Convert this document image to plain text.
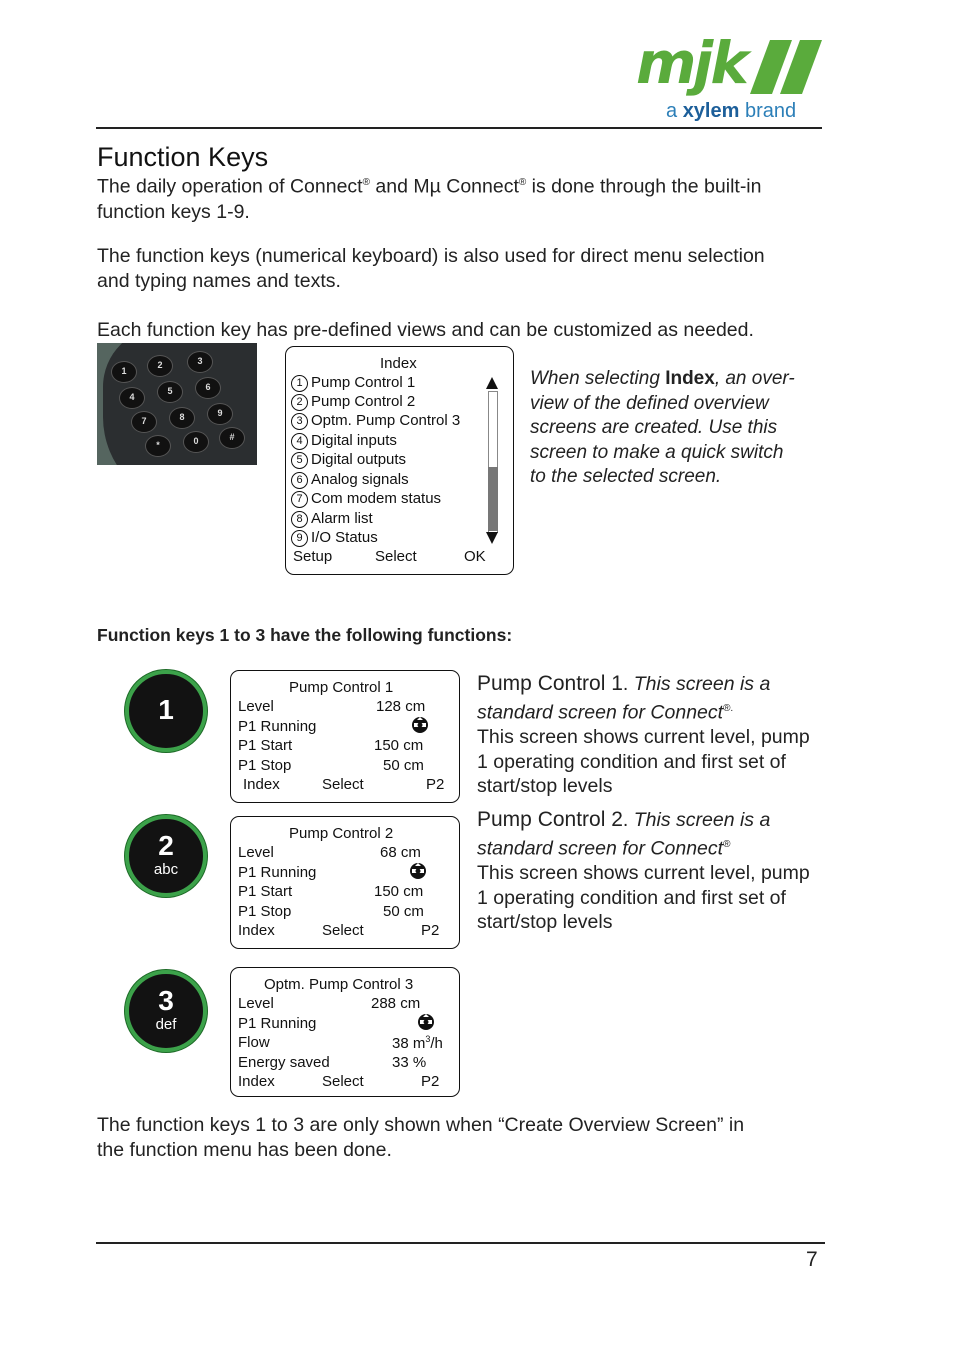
mjk
a xylem brand
Function Keys
The daily operation of Connect® and Mµ Connect® is done through the built-in
function keys 1-9.
The function keys (numerical keyboard) is also used for direct menu selection
and typing names and texts.
Each function key has pre-defined views and can be customized as needed.
1
2	3
4
5	6
7	8	9
*	0	#
Index
1 Pump Control 1
2 Pump Control 2
3 Optm. Pump Control 3
4 Digital inputs
5 Digital outputs
6 Analog signals
7 Com modem status
8 Alarm list
9 I/O Status
Setup	Select	OK
When selecting Index, an over-
view of the defined overview
screens are created. Use this
screen to make a quick switch
to the selected screen.
Function keys 1 to 3 have the following functions:
1
Pump Control 1
Level	128 cm
P1 Running
P1 Start	150 cm
P1 Stop	50 cm
Index	Select	P2
2
abc
Pump Control 2
Level	68 cm
P1 Running
P1 Start	150 cm
P1 Stop	50 cm
Index	Select	P2
3
def
Optm. Pump Control 3
Level	288 cm
P1 Running
Flow	38 $m^3/h$
Energy saved	33 %
Index	Select	P2
Pump Control 1. This screen is a
standard screen for Connect®.
This screen shows current level, pump
1 operating condition and first set of
start/stop levels
Pump Control 2. This screen is a
standard screen for Connect®
This screen shows current level, pump
1 operating condition and first set of
start/stop levels
The function keys 1 to 3 are only shown when “Create Overview Screen” in
the function menu has been done.
7
